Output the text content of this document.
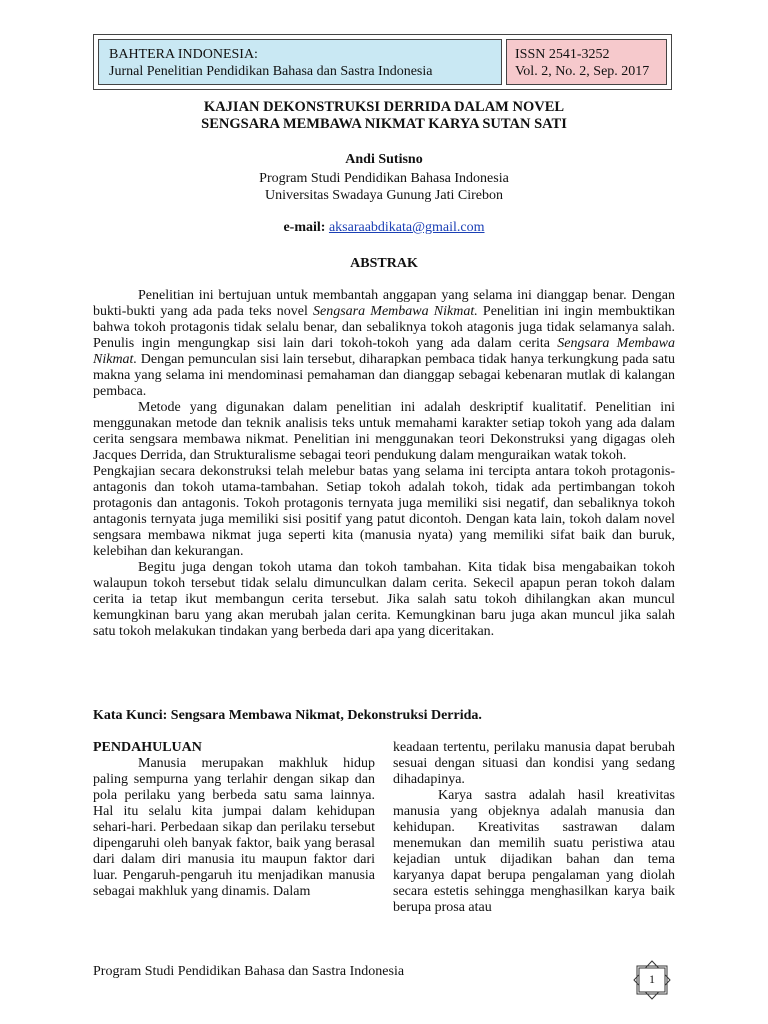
BAHTERA INDONESIA:
Jurnal Penelitian Pendidikan Bahasa dan Sastra Indonesia
ISSN 2541-3252
Vol. 2, No. 2, Sep. 2017
KAJIAN DEKONSTRUKSI DERRIDA DALAM NOVEL
SENGSARA MEMBAWA NIKMAT KARYA SUTAN SATI
Andi Sutisno
Program Studi Pendidikan Bahasa Indonesia
Universitas Swadaya Gunung Jati Cirebon
e-mail: aksaraabdikata@gmail.com
ABSTRAK

Penelitian ini bertujuan untuk membantah anggapan yang selama ini dianggap benar. Dengan bukti-bukti yang ada pada teks novel Sengsara Membawa Nikmat. Penelitian ini ingin membuktikan bahwa tokoh protagonis tidak selalu benar, dan sebaliknya tokoh atagonis juga tidak selamanya salah. Penulis ingin mengungkap sisi lain dari tokoh-tokoh yang ada dalam cerita Sengsara Membawa Nikmat. Dengan pemunculan sisi lain tersebut, diharapkan pembaca tidak hanya terkungkung pada satu makna yang selama ini mendominasi pemahaman dan dianggap sebagai kebenaran mutlak di kalangan pembaca.

Metode yang digunakan dalam penelitian ini adalah deskriptif kualitatif. Penelitian ini menggunakan metode dan teknik analisis teks untuk memahami karakter setiap tokoh yang ada dalam cerita sengsara membawa nikmat. Penelitian ini menggunakan teori Dekonstruksi yang digagas oleh Jacques Derrida, dan Strukturalisme sebagai teori pendukung dalam menguraikan watak tokoh.

Pengkajian secara dekonstruksi telah melebur batas yang selama ini tercipta antara tokoh protagonis-antagonis dan tokoh utama-tambahan. Setiap tokoh adalah tokoh, tidak ada pertimbangan tokoh protagonis dan antagonis. Tokoh protagonis ternyata juga memiliki sisi negatif, dan sebaliknya tokoh antagonis ternyata juga memiliki sisi positif yang patut dicontoh. Dengan kata lain, tokoh dalam novel sengsara membawa nikmat juga seperti kita (manusia nyata) yang memiliki sifat baik dan buruk, kelebihan dan kekurangan.

Begitu juga dengan tokoh utama dan tokoh tambahan. Kita tidak bisa mengabaikan tokoh walaupun tokoh tersebut tidak selalu dimunculkan dalam cerita. Sekecil apapun peran tokoh dalam cerita ia tetap ikut membangun cerita tersebut. Jika salah satu tokoh dihilangkan akan muncul kemungkinan baru yang akan merubah jalan cerita. Kemungkinan baru juga akan muncul jika salah satu tokoh melakukan tindakan yang berbeda dari apa yang diceritakan.

Kata Kunci: Sengsara Membawa Nikmat, Dekonstruksi Derrida.

PENDAHULUAN

Manusia merupakan makhluk hidup paling sempurna yang terlahir dengan sikap dan pola perilaku yang berbeda satu sama lainnya. Hal itu selalu kita jumpai dalam kehidupan sehari-hari. Perbedaan sikap dan perilaku tersebut dipengaruhi oleh banyak faktor, baik yang berasal dari dalam diri manusia itu maupun faktor dari luar. Pengaruh-pengaruh itu menjadikan manusia sebagai makhluk yang dinamis. Dalam

keadaan tertentu, perilaku manusia dapat berubah sesuai dengan situasi dan kondisi yang sedang dihadapinya.

Karya sastra adalah hasil kreativitas manusia yang objeknya adalah manusia dan kehidupan. Kreativitas sastrawan dalam menemukan dan memilih suatu peristiwa atau kejadian untuk dijadikan bahan dan tema karyanya dapat berupa pengalaman yang diolah secara estetis sehingga menghasilkan karya baik berupa prosa atau

Program Studi Pendidikan Bahasa dan Sastra Indonesia	1
